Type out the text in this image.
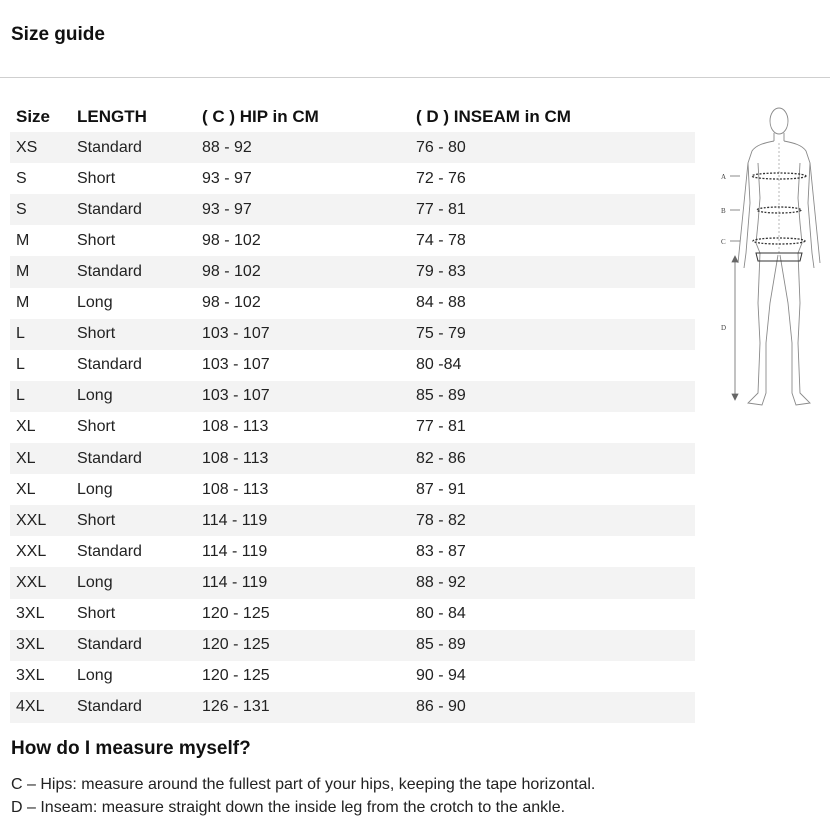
Size guide
Size	LENGTH	( C ) HIP in CM	( D ) INSEAM in CM
XS	Standard	88 - 92	76 - 80
S	Short	93 - 97	72 - 76
S	Standard	93 - 97	77 - 81
M	Short	98 - 102	74 - 78
M	Standard	98 - 102	79 - 83
M	Long	98 - 102	84 - 88
L	Short	103 - 107	75 - 79
L	Standard	103 - 107	80 -84
L	Long	103 - 107	85 - 89
XL	Short	108 - 113	77 - 81
XL	Standard	108 - 113	82 - 86
XL	Long	108 - 113	87 - 91
XXL	Short	114 - 119	78 - 82
XXL	Standard	114 - 119	83 - 87
XXL	Long	114 - 119	88 - 92
3XL	Short	120 - 125	80 - 84
3XL	Standard	120 - 125	85 - 89
3XL	Long	120 - 125	90 - 94
4XL	Standard	126 - 131	86 - 90
A
B
C
D
How do I measure myself?
C – Hips: measure around the fullest part of your hips, keeping the tape horizontal.
D – Inseam: measure straight down the inside leg from the crotch to the ankle.
